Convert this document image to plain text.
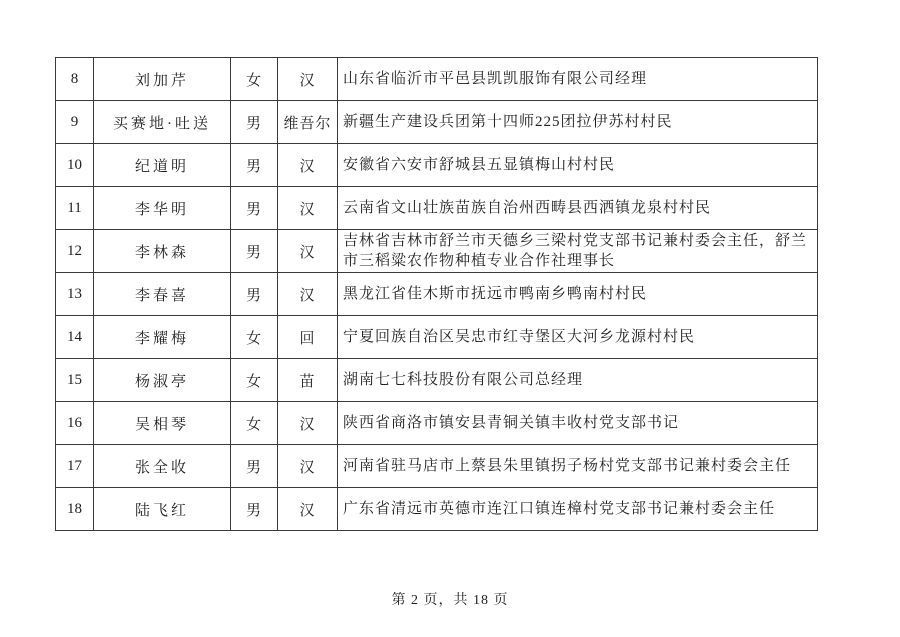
8	刘加芹	女	汉	山东省临沂市平邑县凯凯服饰有限公司经理
9	买赛地·吐送	男	维吾尔	新疆生产建设兵团第十四师225团拉伊苏村村民
10	纪道明	男	汉	安徽省六安市舒城县五显镇梅山村村民
11	李华明	男	汉	云南省文山壮族苗族自治州西畴县西洒镇龙泉村村民
12	李林森	男	汉	吉林省吉林市舒兰市天德乡三梁村党支部书记兼村委会主任，舒兰市三稻粱农作物种植专业合作社理事长
13	李春喜	男	汉	黑龙江省佳木斯市抚远市鸭南乡鸭南村村民
14	李耀梅	女	回	宁夏回族自治区吴忠市红寺堡区大河乡龙源村村民
15	杨淑亭	女	苗	湖南七七科技股份有限公司总经理
16	吴相琴	女	汉	陕西省商洛市镇安县青铜关镇丰收村党支部书记
17	张全收	男	汉	河南省驻马店市上蔡县朱里镇拐子杨村党支部书记兼村委会主任
18	陆飞红	男	汉	广东省清远市英德市连江口镇连樟村党支部书记兼村委会主任
第 2 页，共 18 页
